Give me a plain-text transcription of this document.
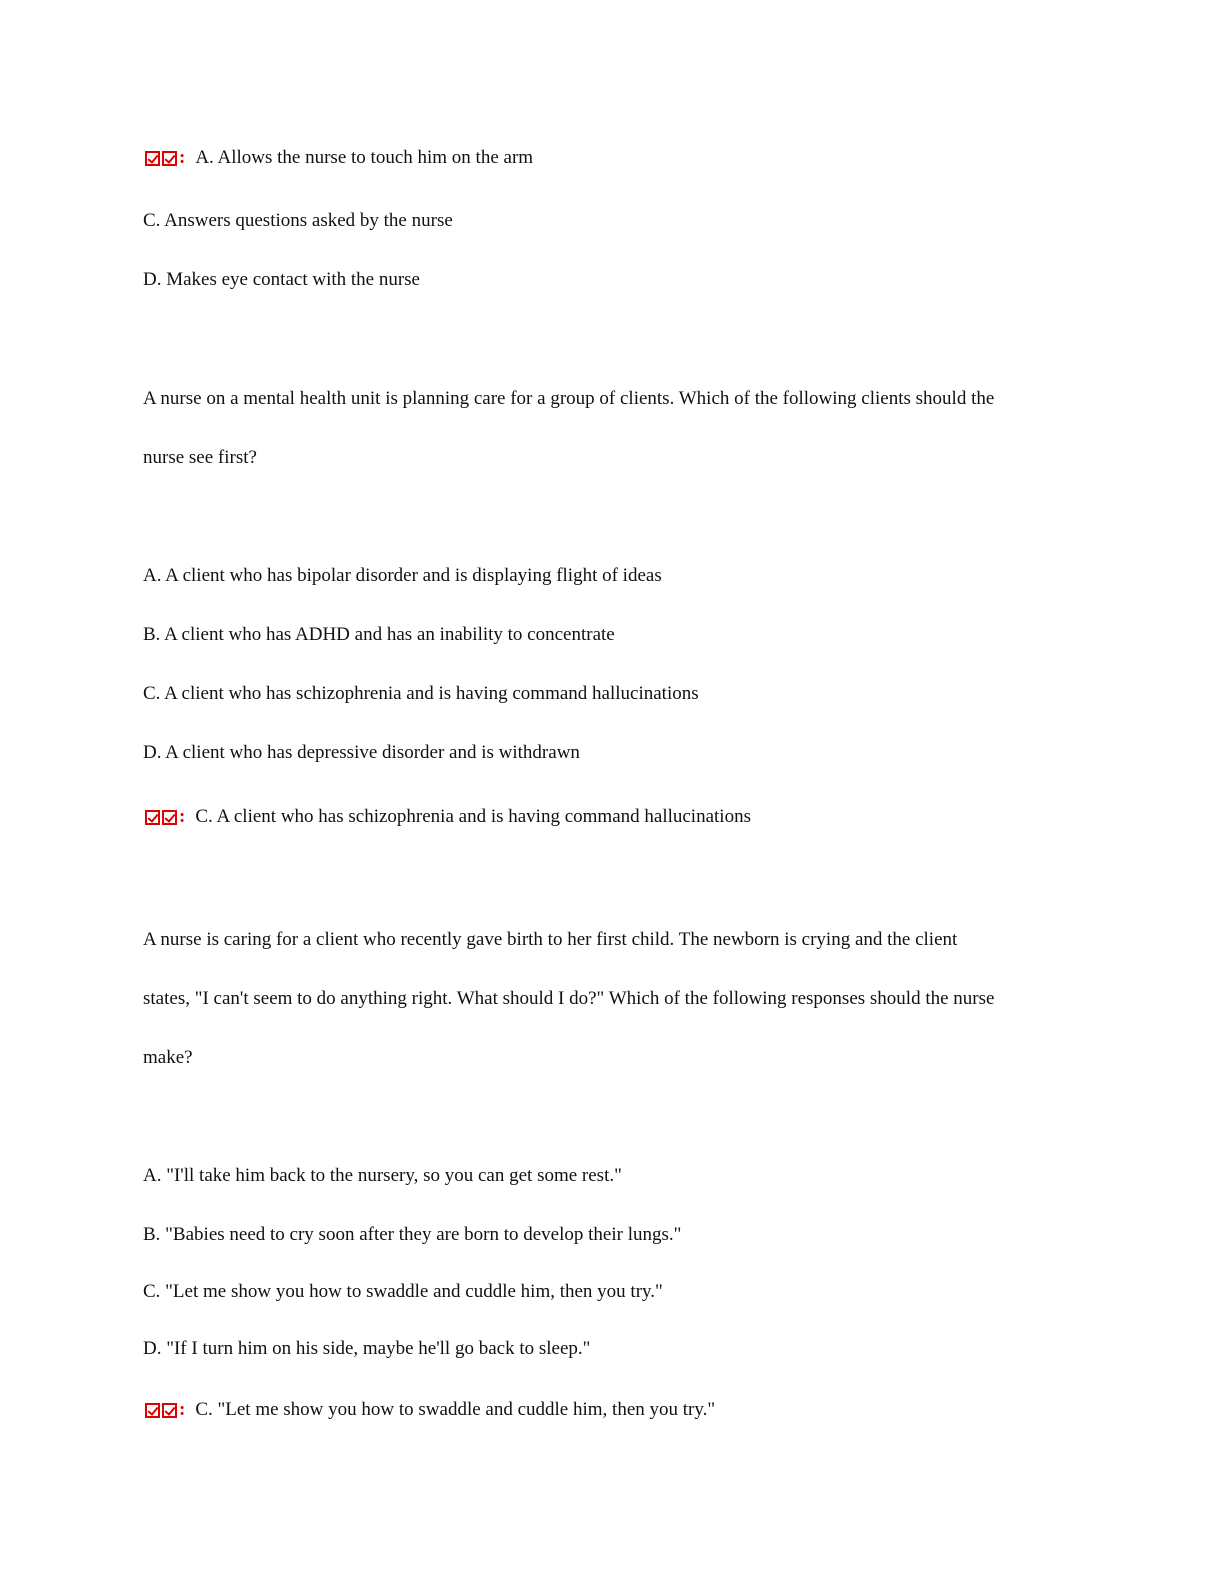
: A. Allows the nurse to touch him on the arm
C. Answers questions asked by the nurse
D. Makes eye contact with the nurse
A nurse on a mental health unit is planning care for a group of clients. Which of the following clients should the
nurse see first?
A. A client who has bipolar disorder and is displaying flight of ideas
B. A client who has ADHD and has an inability to concentrate
C. A client who has schizophrenia and is having command hallucinations
D. A client who has depressive disorder and is withdrawn
: C. A client who has schizophrenia and is having command hallucinations
A nurse is caring for a client who recently gave birth to her first child. The newborn is crying and the client
states, "I can't seem to do anything right. What should I do?" Which of the following responses should the nurse
make?
A. "I'll take him back to the nursery, so you can get some rest."
B. "Babies need to cry soon after they are born to develop their lungs."
C. "Let me show you how to swaddle and cuddle him, then you try."
D. "If I turn him on his side, maybe he'll go back to sleep."
: C. "Let me show you how to swaddle and cuddle him, then you try."
